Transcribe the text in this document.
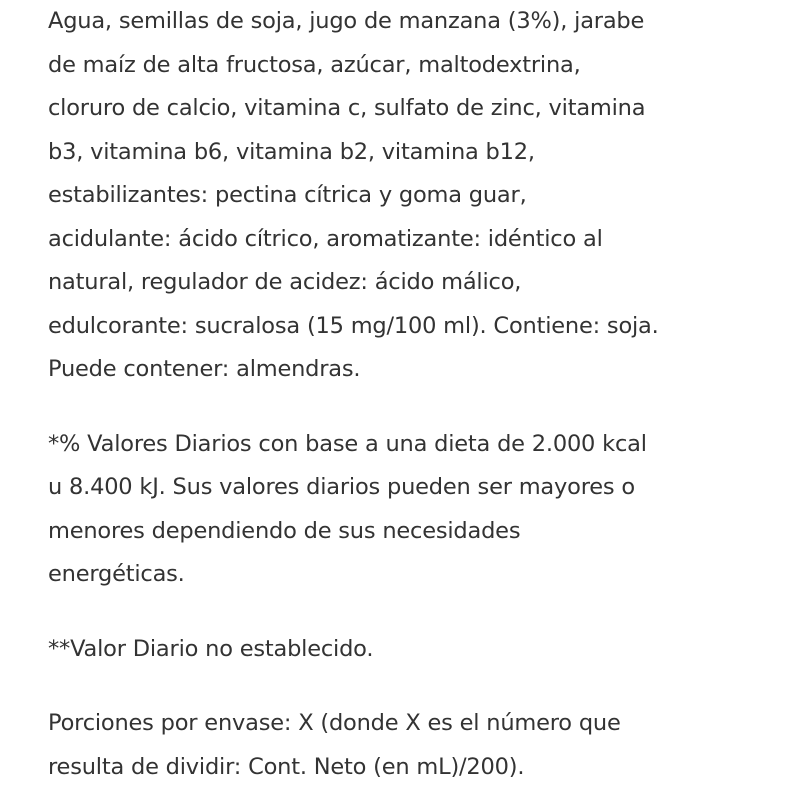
Agua, semillas de soja, jugo de manzana (3%), jarabe
de maíz de alta fructosa, azúcar, maltodextrina,
cloruro de calcio, vitamina c, sulfato de zinc, vitamina
b3, vitamina b6, vitamina b2, vitamina b12,
estabilizantes: pectina cítrica y goma guar,
acidulante: ácido cítrico, aromatizante: idéntico al
natural, regulador de acidez: ácido málico,
edulcorante: sucralosa (15 mg/100 ml). Contiene: soja.
Puede contener: almendras.

*% Valores Diarios con base a una dieta de 2.000 kcal
u 8.400 kJ. Sus valores diarios pueden ser mayores o
menores dependiendo de sus necesidades
energéticas.

**Valor Diario no establecido.

Porciones por envase: X (donde X es el número que
resulta de dividir: Cont. Neto (en mL)/200).
